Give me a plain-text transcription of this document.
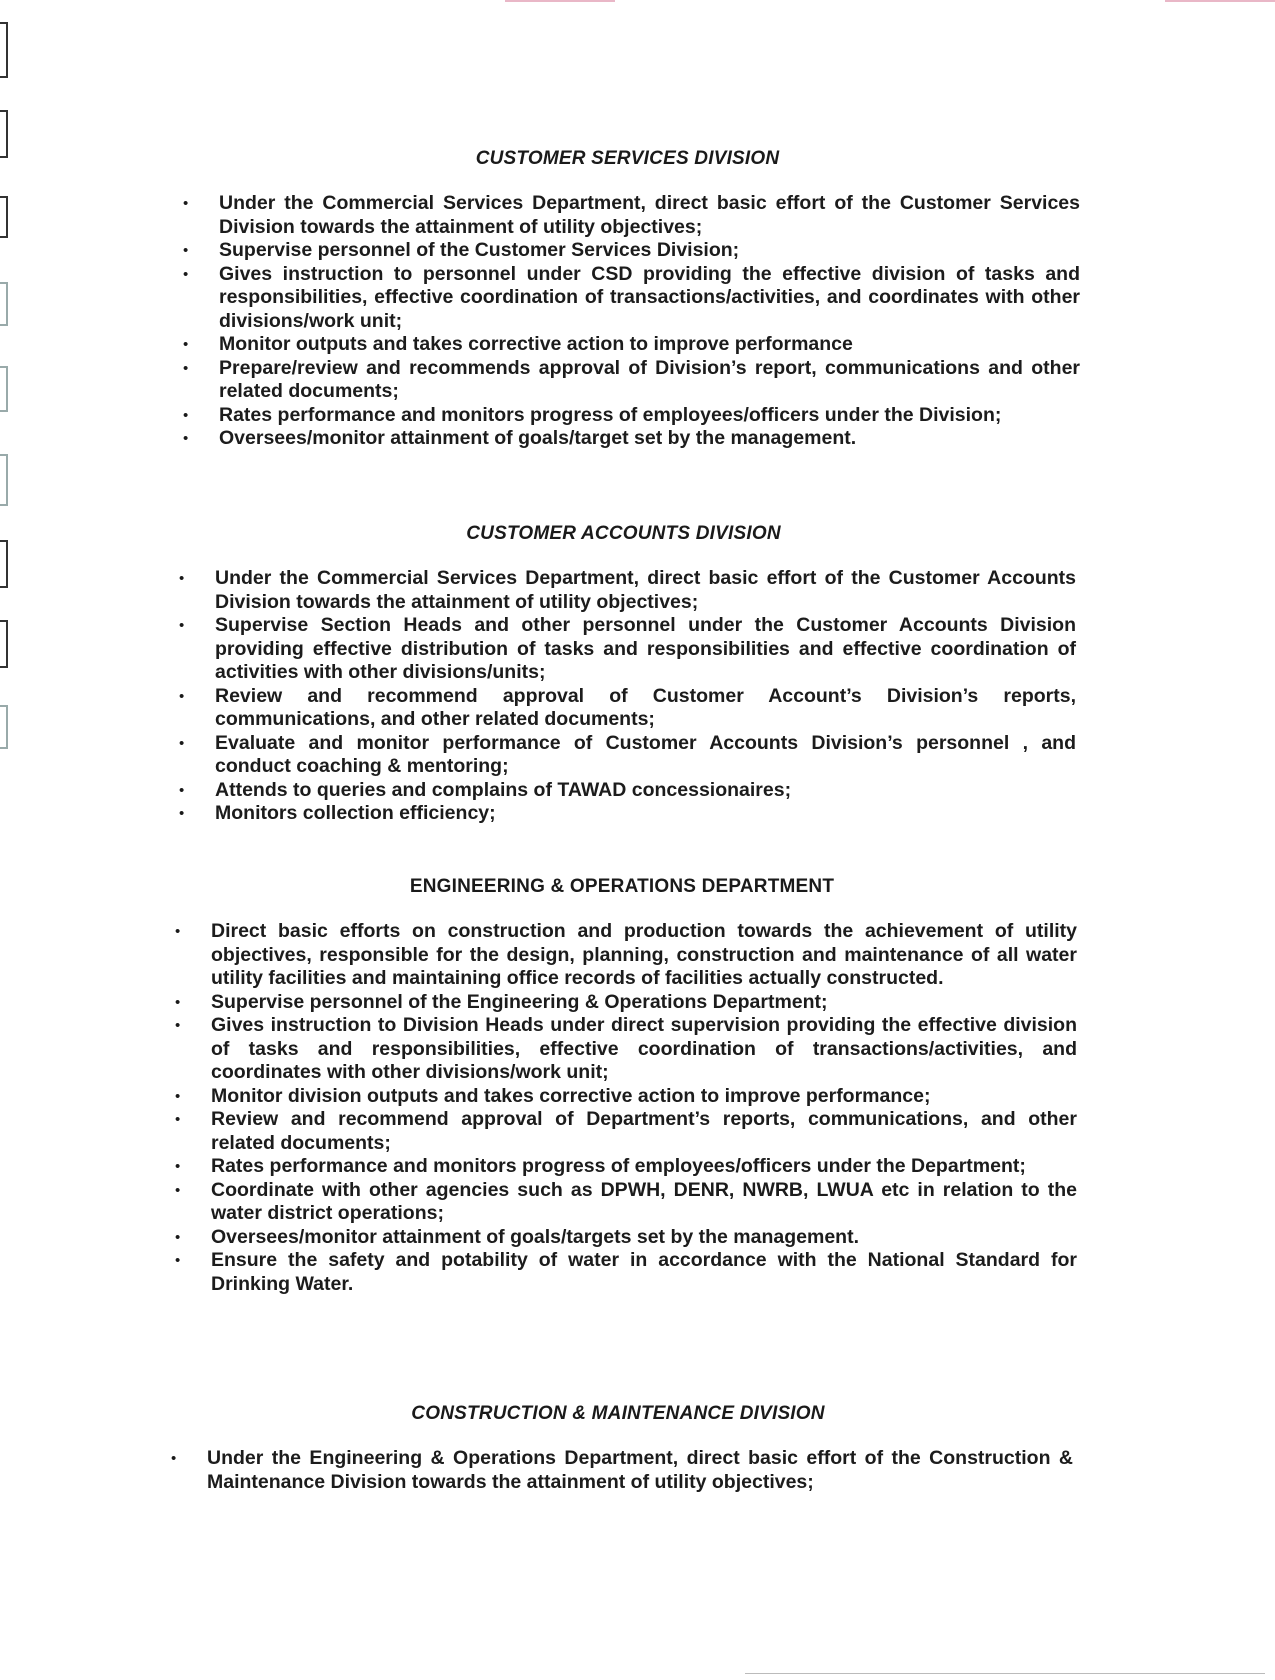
CUSTOMER SERVICES DIVISION
•	Under the Commercial Services Department, direct basic effort of the Customer Services Division towards the attainment of utility objectives;
•	Supervise personnel of the Customer Services Division;
•	Gives instruction to personnel under CSD providing the effective division of tasks and responsibilities, effective coordination of transactions/activities, and coordinates with other divisions/work unit;
•	Monitor outputs and takes corrective action to improve performance
•	Prepare/review and recommends approval of Division’s report, communications and other related documents;
•	Rates performance and monitors progress of employees/officers under the Division;
•	Oversees/monitor attainment of goals/target set by the management.
CUSTOMER ACCOUNTS DIVISION
•	Under the Commercial Services Department, direct basic effort of the Customer Accounts Division towards the attainment of utility objectives;
•	Supervise Section Heads and other personnel under the Customer Accounts Division providing effective distribution of tasks and responsibilities and effective coordination of activities with other divisions/units;
•	Review and recommend approval of Customer Account’s Division’s reports, communications, and other related documents;
•	Evaluate and monitor performance of Customer Accounts Division’s personnel , and conduct coaching & mentoring;
•	Attends to queries and complains of TAWAD concessionaires;
•	Monitors collection efficiency;
ENGINEERING & OPERATIONS DEPARTMENT
•	Direct basic efforts on construction and production towards the achievement of utility objectives, responsible for the design, planning, construction and maintenance of all water utility facilities and maintaining office records of facilities actually constructed.
•	Supervise personnel of the Engineering & Operations Department;
•	Gives instruction to Division Heads under direct supervision providing the effective division of tasks and responsibilities, effective coordination of transactions/activities, and coordinates with other divisions/work unit;
•	Monitor division outputs and takes corrective action to improve performance;
•	Review and recommend approval of Department’s reports, communications, and other related documents;
•	Rates performance and monitors progress of employees/officers under the Department;
•	Coordinate with other agencies such as DPWH, DENR, NWRB, LWUA etc in relation to the water district operations;
•	Oversees/monitor attainment of goals/targets set by the management.
•	Ensure the safety and potability of water in accordance with the National Standard for Drinking Water.
CONSTRUCTION & MAINTENANCE DIVISION
•	Under the Engineering & Operations Department, direct basic effort of the Construction & Maintenance Division towards the attainment of utility objectives;
